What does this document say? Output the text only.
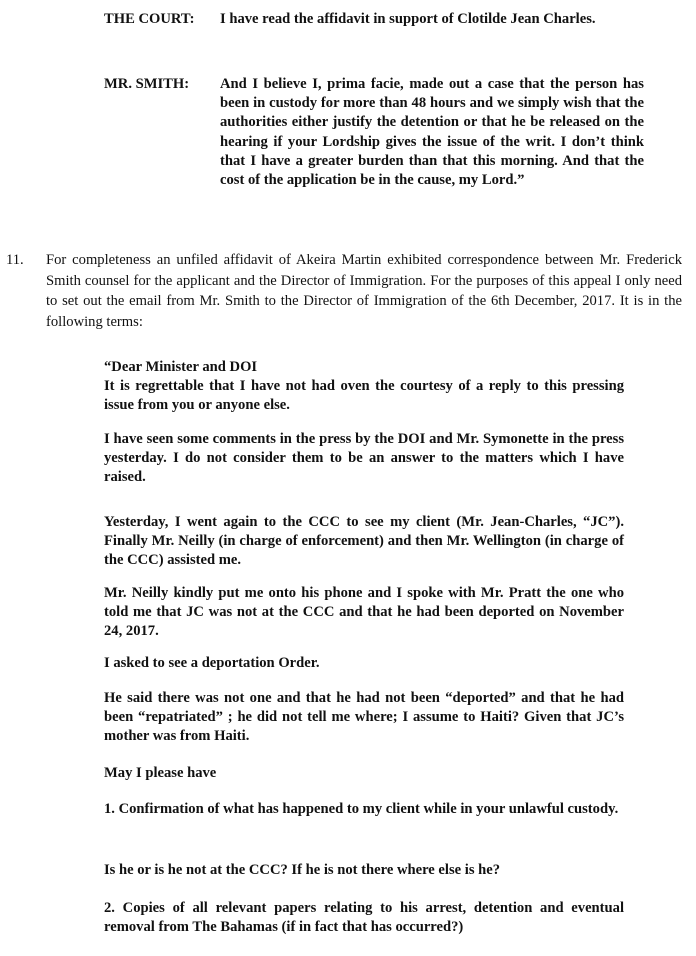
THE COURT: I have read the affidavit in support of Clotilde Jean Charles.
MR. SMITH: And I believe I, prima facie, made out a case that the person has been in custody for more than 48 hours and we simply wish that the authorities either justify the detention or that he be released on the hearing if your Lordship gives the issue of the writ. I don’t think that I have a greater burden than that this morning. And that the cost of the application be in the cause, my Lord.”
11. For completeness an unfiled affidavit of Akeira Martin exhibited correspondence between Mr. Frederick Smith counsel for the applicant and the Director of Immigration. For the purposes of this appeal I only need to set out the email from Mr. Smith to the Director of Immigration of the 6th December, 2017. It is in the following terms:
“Dear Minister and DOI
It is regrettable that I have not had oven the courtesy of a reply to this pressing issue from you or anyone else.
I have seen some comments in the press by the DOI and Mr. Symonette in the press yesterday. I do not consider them to be an answer to the matters which I have raised.
Yesterday, I went again to the CCC to see my client (Mr. Jean-Charles, “JC”). Finally Mr. Neilly (in charge of enforcement) and then Mr. Wellington (in charge of the CCC) assisted me.
Mr. Neilly kindly put me onto his phone and I spoke with Mr. Pratt the one who told me that JC was not at the CCC and that he had been deported on November 24, 2017.
I asked to see a deportation Order.
He said there was not one and that he had not been “deported” and that he had been “repatriated” ; he did not tell me where; I assume to Haiti? Given that JC’s mother was from Haiti.
May I please have
1. Confirmation of what has happened to my client while in your unlawful custody.
Is he or is he not at the CCC? If he is not there where else is he?
2. Copies of all relevant papers relating to his arrest, detention and eventual removal from The Bahamas (if in fact that has occurred?)
